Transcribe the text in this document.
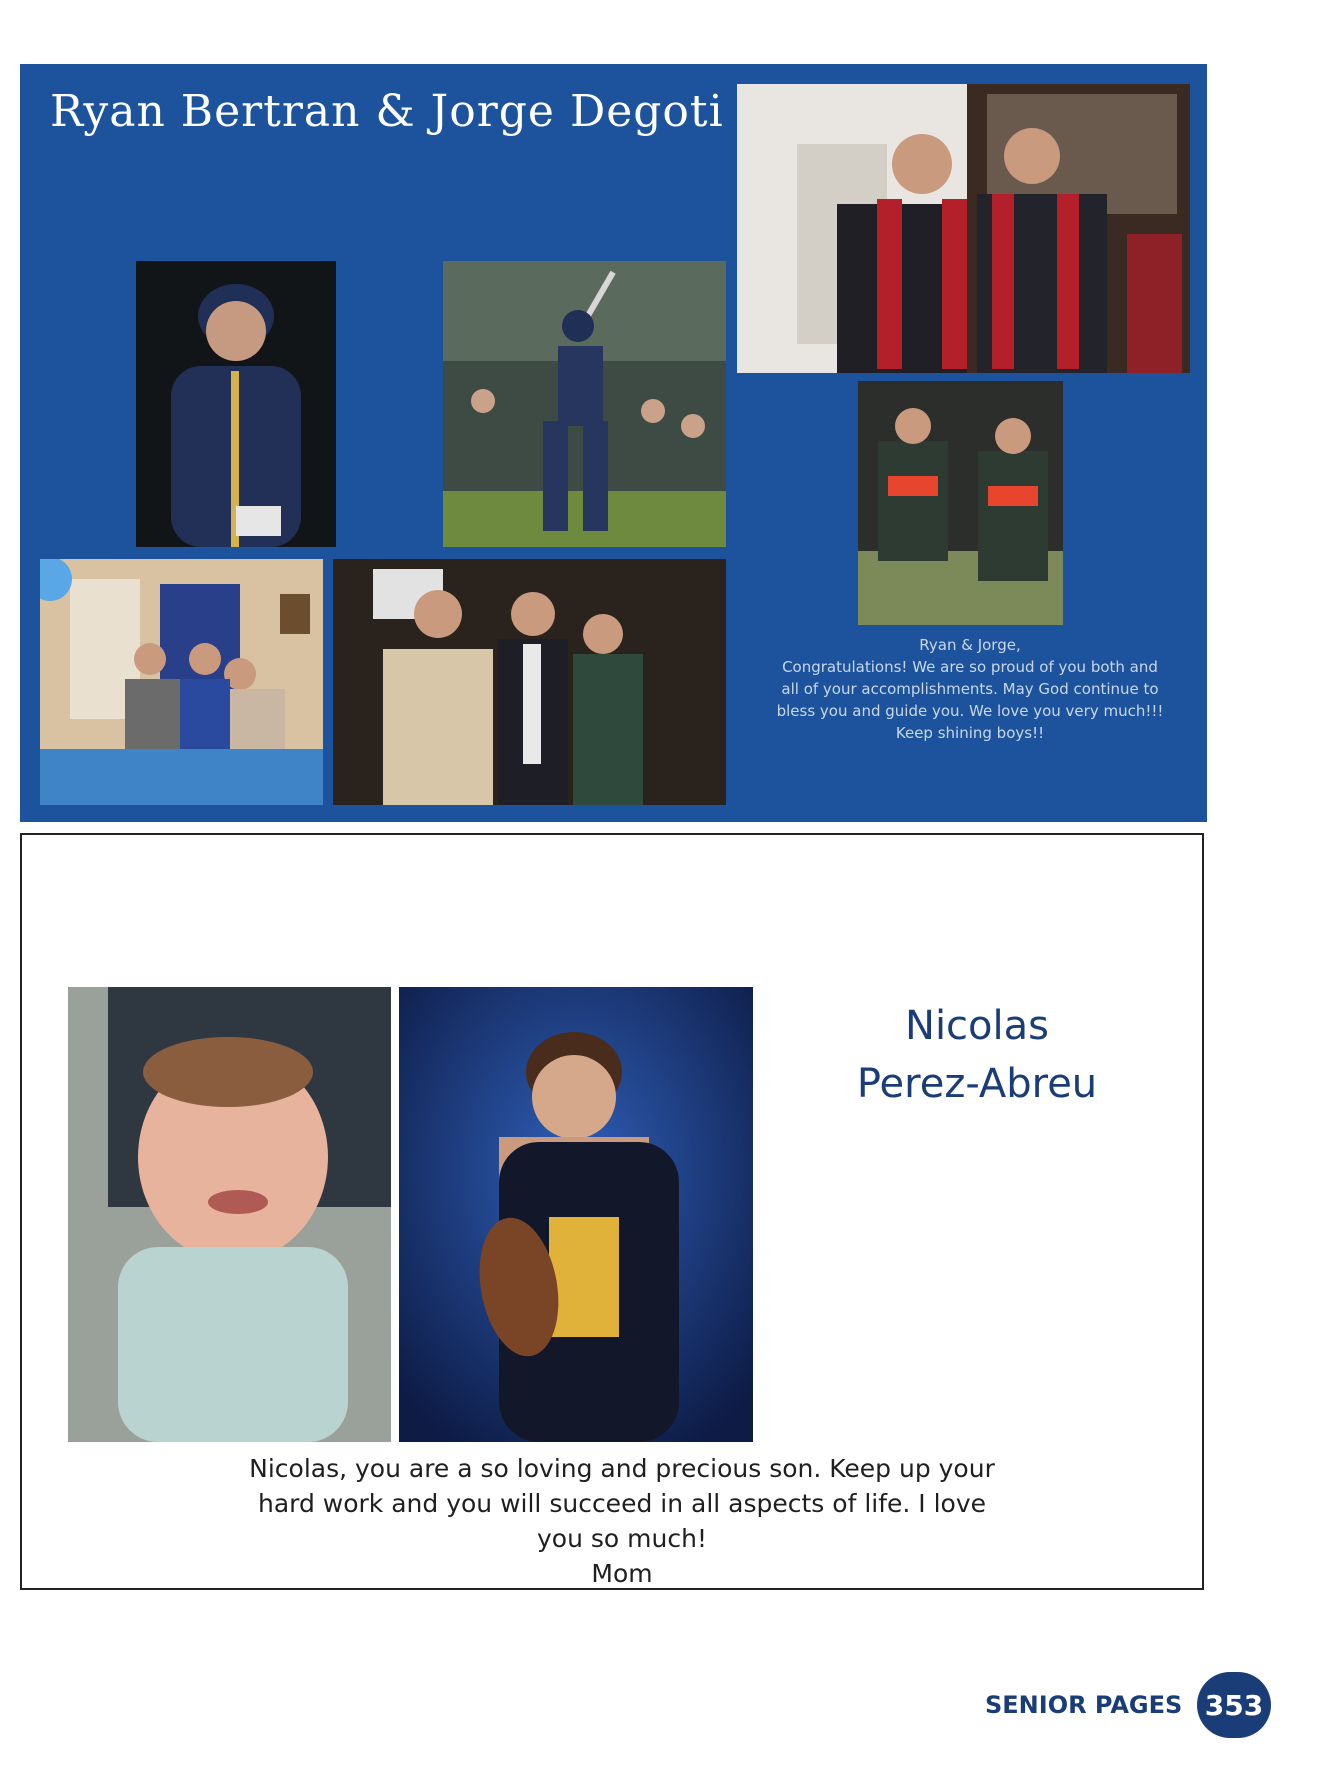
Ryan Bertran & Jorge Degoti

Ryan & Jorge,

Congratulations! We are so proud of you both and

all of your accomplishments. May God continue to

bless you and guide you. We love you very much!!!

Keep shining boys!!

Nicolas
Perez-Abreu

Nicolas, you are a so loving and precious son. Keep up your

hard work and you will succeed in all aspects of life. I love

you so much!

Mom

SENIOR PAGES 353
